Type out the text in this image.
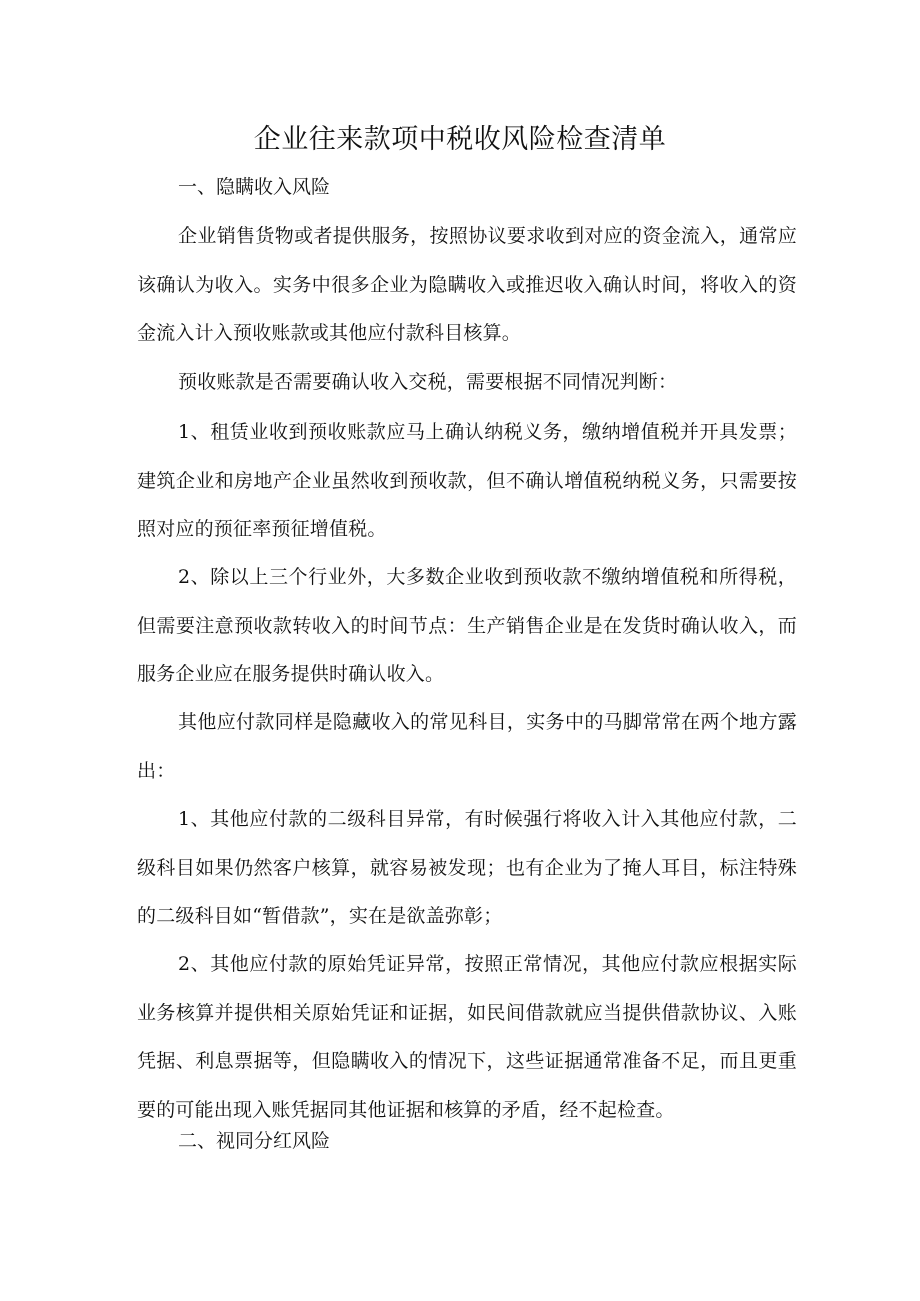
企业往来款项中税收风险检查清单
一、隐瞒收入风险

企业销售货物或者提供服务，按照协议要求收到对应的资金流入，通常应该确认为收入。实务中很多企业为隐瞒收入或推迟收入确认时间，将收入的资金流入计入预收账款或其他应付款科目核算。

预收账款是否需要确认收入交税，需要根据不同情况判断：

1、租赁业收到预收账款应马上确认纳税义务，缴纳增值税并开具发票；建筑企业和房地产企业虽然收到预收款，但不确认增值税纳税义务，只需要按照对应的预征率预征增值税。

2、除以上三个行业外，大多数企业收到预收款不缴纳增值税和所得税，但需要注意预收款转收入的时间节点：生产销售企业是在发货时确认收入，而服务企业应在服务提供时确认收入。

其他应付款同样是隐藏收入的常见科目，实务中的马脚常常在两个地方露出：

1、其他应付款的二级科目异常，有时候强行将收入计入其他应付款，二级科目如果仍然客户核算，就容易被发现；也有企业为了掩人耳目，标注特殊的二级科目如“暂借款”，实在是欲盖弥彰；

2、其他应付款的原始凭证异常，按照正常情况，其他应付款应根据实际业务核算并提供相关原始凭证和证据，如民间借款就应当提供借款协议、入账凭据、利息票据等，但隐瞒收入的情况下，这些证据通常准备不足，而且更重要的可能出现入账凭据同其他证据和核算的矛盾，经不起检查。

二、视同分红风险
